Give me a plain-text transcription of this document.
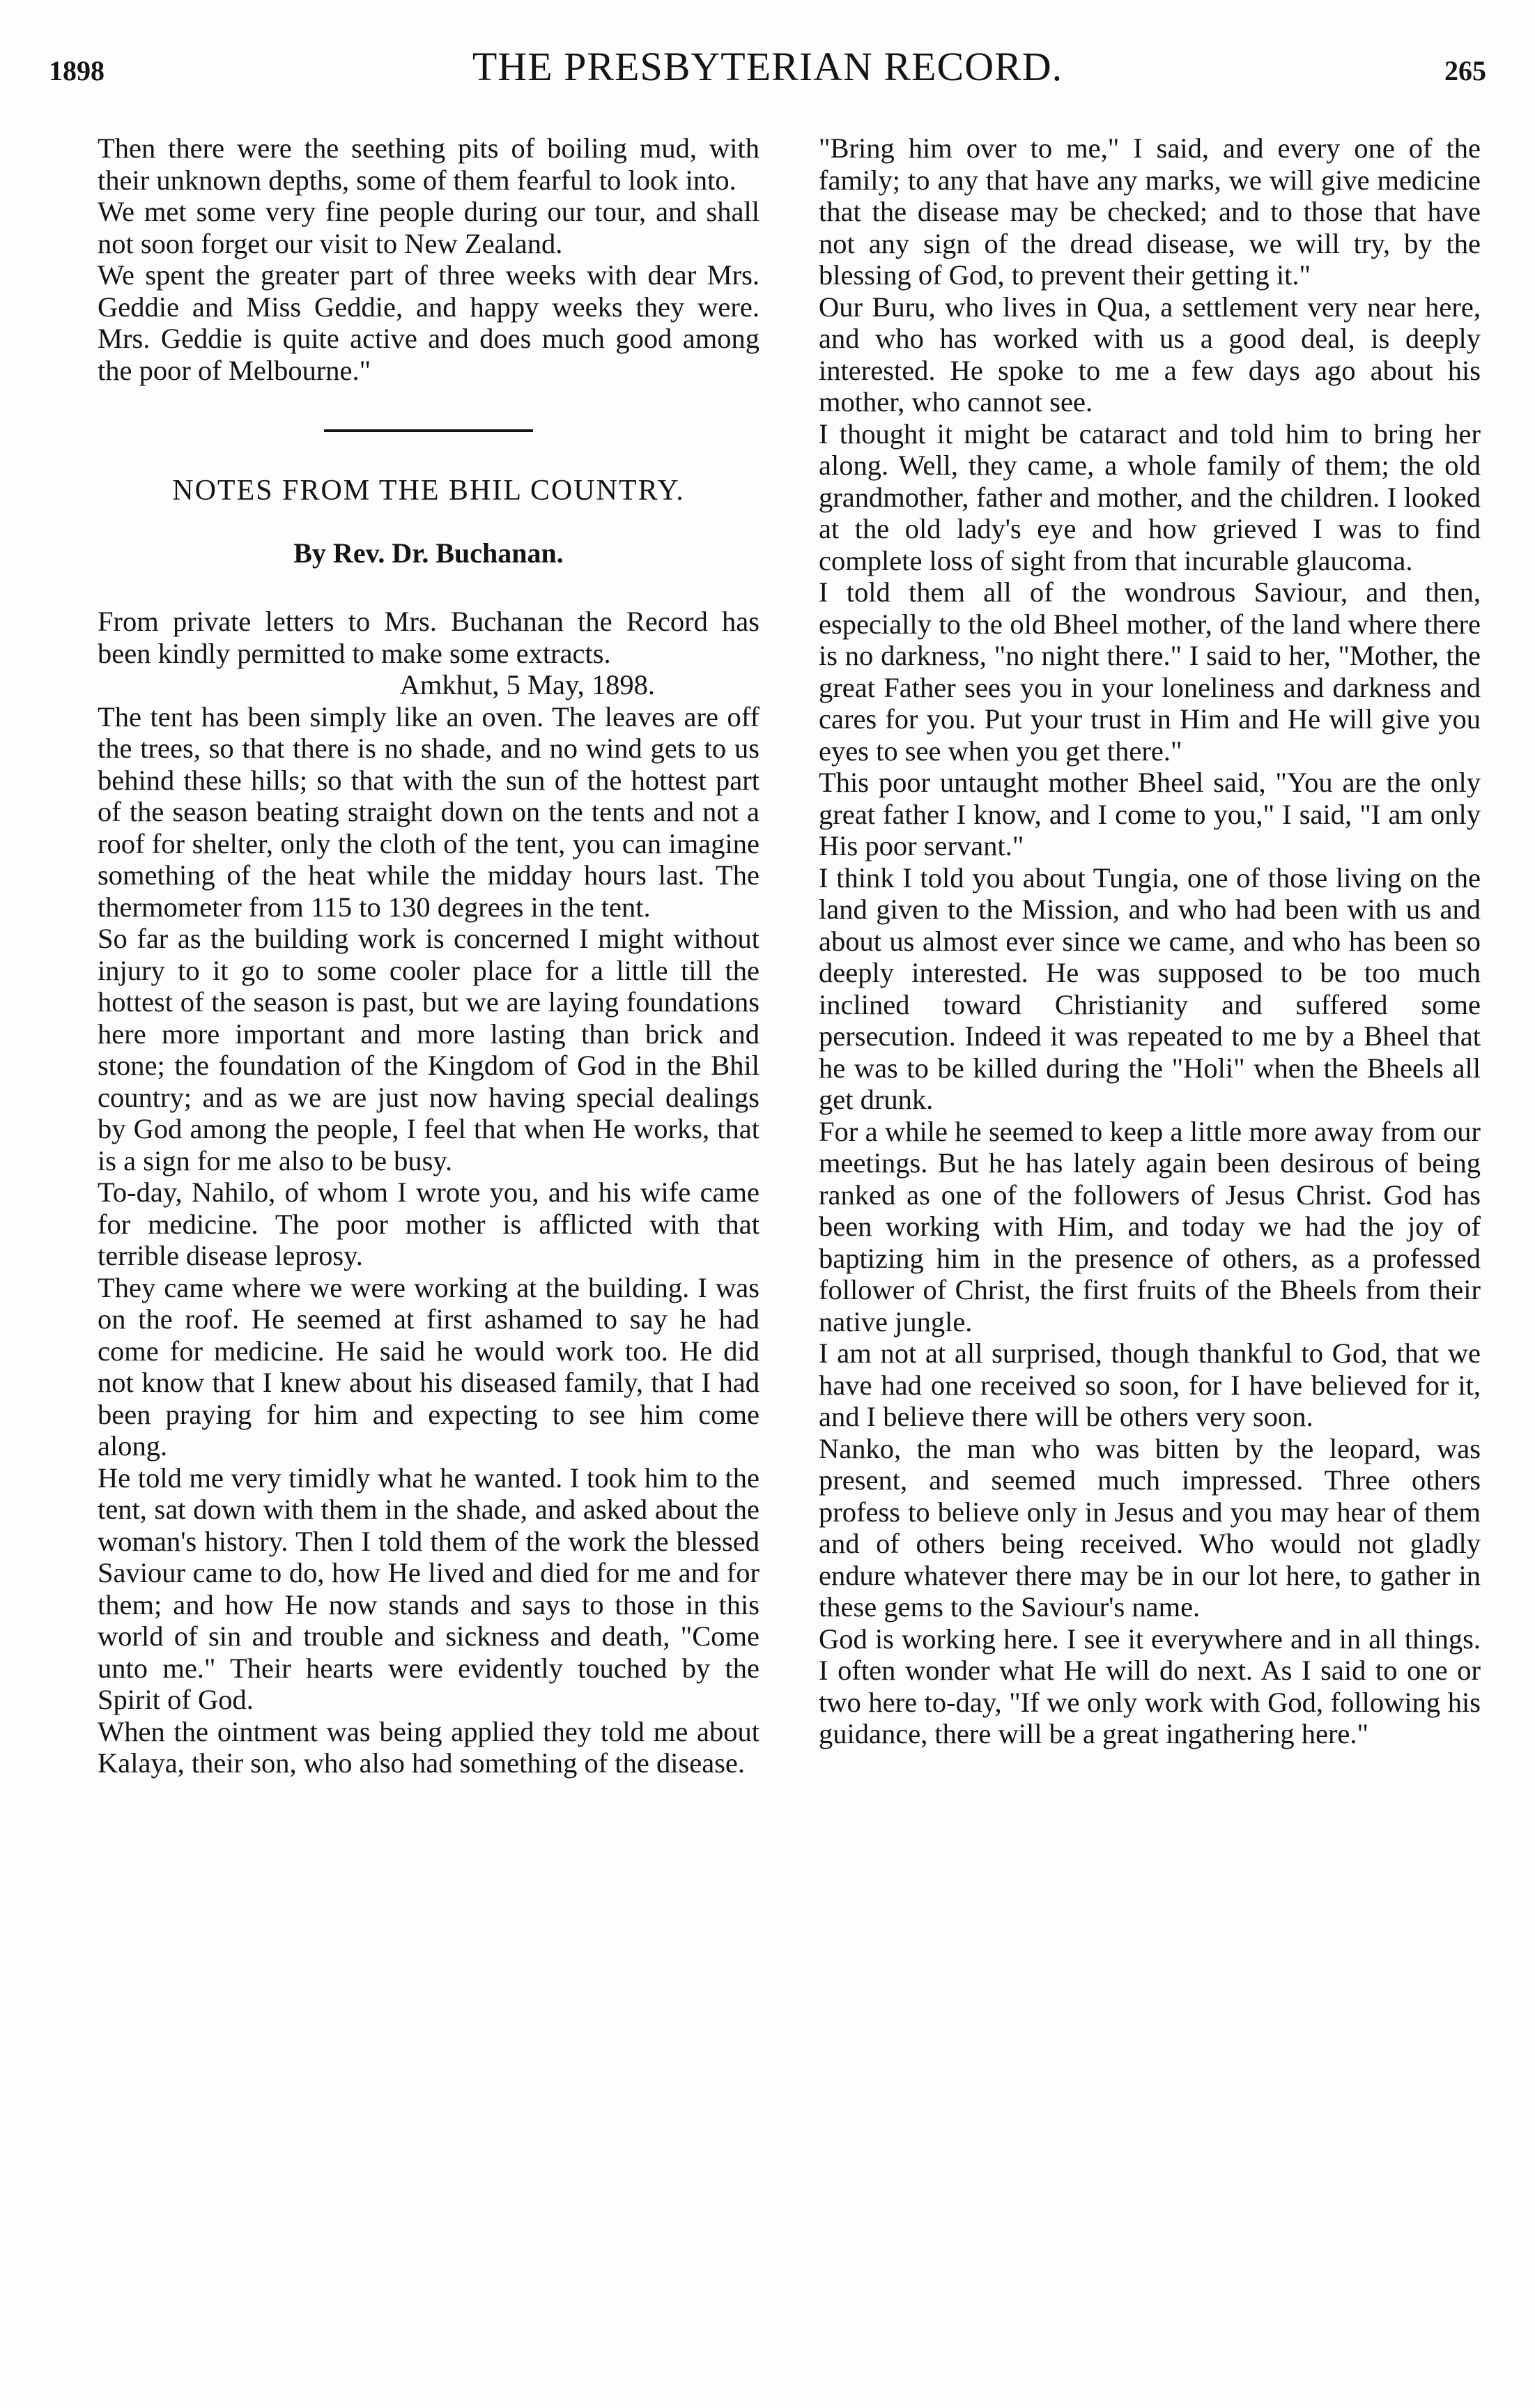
1898	THE PRESBYTERIAN RECORD.	265

Then there were the seething pits of boiling mud, with their unknown depths, some of them fearful to look into.

We met some very fine people during our tour, and shall not soon forget our visit to New Zealand.

We spent the greater part of three weeks with dear Mrs. Geddie and Miss Geddie, and happy weeks they were. Mrs. Geddie is quite active and does much good among the poor of Melbourne."

NOTES FROM THE BHIL COUNTRY.
By Rev. Dr. Buchanan.

From private letters to Mrs. Buchanan the Record has been kindly permitted to make some extracts.

Amkhut, 5 May, 1898.

The tent has been simply like an oven. The leaves are off the trees, so that there is no shade, and no wind gets to us behind these hills; so that with the sun of the hottest part of the season beating straight down on the tents and not a roof for shelter, only the cloth of the tent, you can imagine something of the heat while the midday hours last. The thermometer from 115 to 130 degrees in the tent.

So far as the building work is concerned I might without injury to it go to some cooler place for a little till the hottest of the season is past, but we are laying foundations here more important and more lasting than brick and stone; the foundation of the Kingdom of God in the Bhil country; and as we are just now having special dealings by God among the people, I feel that when He works, that is a sign for me also to be busy.

To-day, Nahilo, of whom I wrote you, and his wife came for medicine. The poor mother is afflicted with that terrible disease leprosy.

They came where we were working at the building. I was on the roof. He seemed at first ashamed to say he had come for medicine. He said he would work too. He did not know that I knew about his diseased family, that I had been praying for him and expecting to see him come along.

He told me very timidly what he wanted. I took him to the tent, sat down with them in the shade, and asked about the woman's history. Then I told them of the work the blessed Saviour came to do, how He lived and died for me and for them; and how He now stands and says to those in this world of sin and trouble and sickness and death, "Come unto me." Their hearts were evidently touched by the Spirit of God.

When the ointment was being applied they told me about Kalaya, their son, who also had something of the disease.

"Bring him over to me," I said, and every one of the family; to any that have any marks, we will give medicine that the disease may be checked; and to those that have not any sign of the dread disease, we will try, by the blessing of God, to prevent their getting it."

Our Buru, who lives in Qua, a settlement very near here, and who has worked with us a good deal, is deeply interested. He spoke to me a few days ago about his mother, who cannot see.

I thought it might be cataract and told him to bring her along. Well, they came, a whole family of them; the old grandmother, father and mother, and the children. I looked at the old lady's eye and how grieved I was to find complete loss of sight from that incurable glaucoma.

I told them all of the wondrous Saviour, and then, especially to the old Bheel mother, of the land where there is no darkness, "no night there." I said to her, "Mother, the great Father sees you in your loneliness and darkness and cares for you. Put your trust in Him and He will give you eyes to see when you get there."

This poor untaught mother Bheel said, "You are the only great father I know, and I come to you," I said, "I am only His poor servant."

I think I told you about Tungia, one of those living on the land given to the Mission, and who had been with us and about us almost ever since we came, and who has been so deeply interested. He was supposed to be too much inclined toward Christianity and suffered some persecution. Indeed it was repeated to me by a Bheel that he was to be killed during the "Holi" when the Bheels all get drunk.

For a while he seemed to keep a little more away from our meetings. But he has lately again been desirous of being ranked as one of the followers of Jesus Christ. God has been working with Him, and today we had the joy of baptizing him in the presence of others, as a professed follower of Christ, the first fruits of the Bheels from their native jungle.

I am not at all surprised, though thankful to God, that we have had one received so soon, for I have believed for it, and I believe there will be others very soon.

Nanko, the man who was bitten by the leopard, was present, and seemed much impressed. Three others profess to believe only in Jesus and you may hear of them and of others being received. Who would not gladly endure whatever there may be in our lot here, to gather in these gems to the Saviour's name.

God is working here. I see it everywhere and in all things. I often wonder what He will do next. As I said to one or two here to-day, "If we only work with God, following his guidance, there will be a great ingathering here."
